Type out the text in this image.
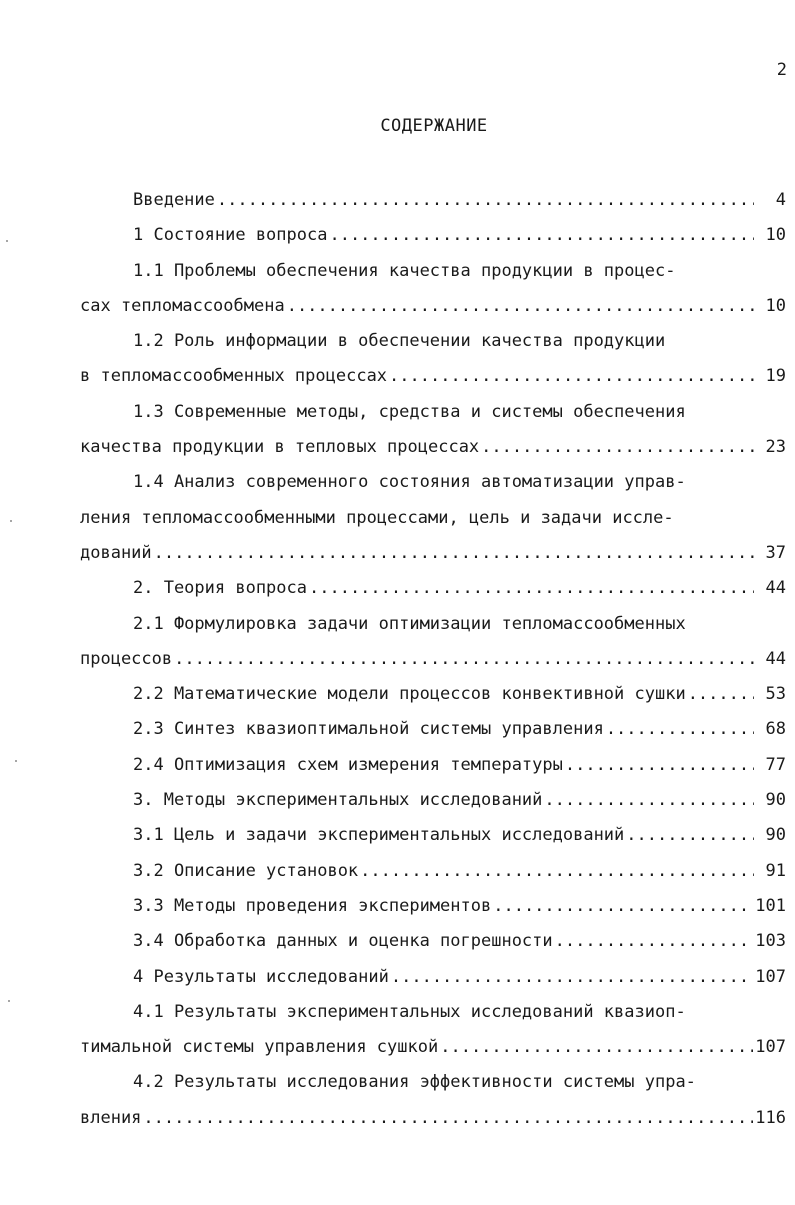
2
СОДЕРЖАНИЕ
Введение .....	4
1 Состояние вопроса .....	10
1.1 Проблемы обеспечения качества продукции в процес-
сах тепломассообмена .....	10
1.2 Роль информации в обеспечении качества продукции
в тепломассообменных процессах .....	19
1.3 Современные методы, средства и системы обеспечения
качества продукции в тепловых процессах .....	23
1.4 Анализ современного состояния автоматизации управ-
ления тепломассообменными процессами, цель и задачи иссле-
дований .....	37
2. Теория вопроса .....	44
2.1 Формулировка задачи оптимизации тепломассообменных
процессов .....	44
2.2 Математические модели процессов конвективной сушки .....	53
2.3 Синтез квазиоптимальной системы управления .....	68
2.4 Оптимизация схем измерения температуры .....	77
3. Методы экспериментальных исследований .....	90
3.1 Цель и задачи экспериментальных исследований .....	90
3.2 Описание установок .....	91
3.3 Методы проведения экспериментов .....	101
3.4 Обработка данных и оценка погрешности .....	103
4 Результаты исследований .....	107
4.1 Результаты экспериментальных исследований квазиоп-
тимальной системы управления сушкой .....	107
4.2 Результаты исследования эффективности системы упра-
вления .....	116
